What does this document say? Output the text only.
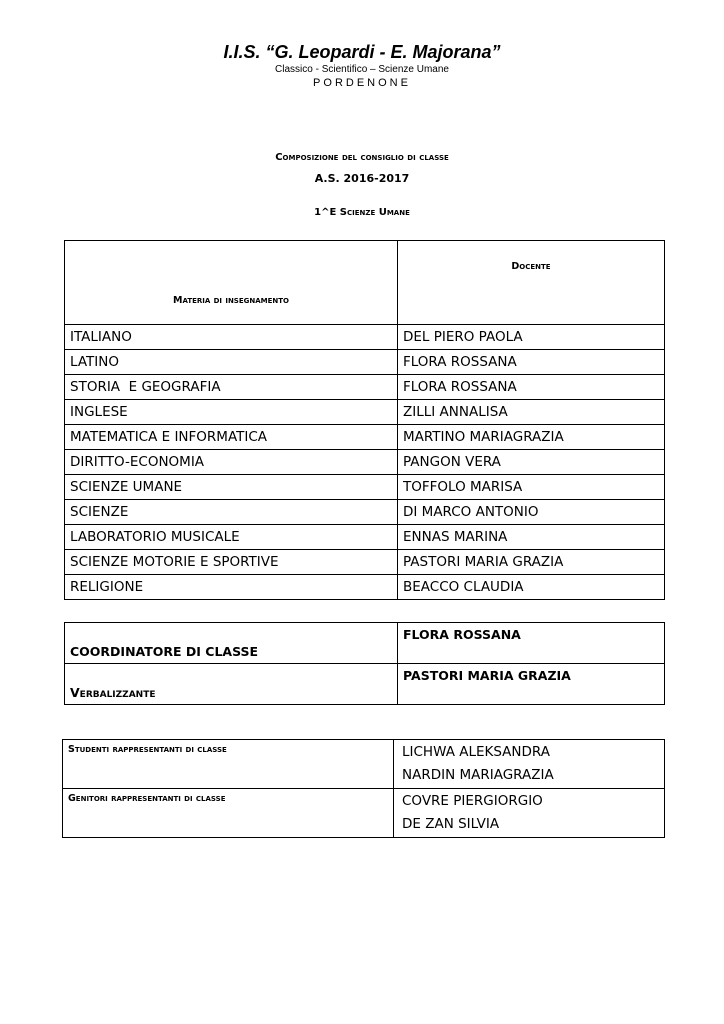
I.I.S. “G. Leopardi - E. Majorana”
Classico - Scientifico – Scienze Umane
PORDENONE
Composizione del consiglio di classe
A.S. 2016-2017
1^E Scienze Umane
Materia di insegnamento	Docente
ITALIANO	DEL PIERO PAOLA
LATINO	FLORA ROSSANA
STORIA  E GEOGRAFIA	FLORA ROSSANA
INGLESE	ZILLI ANNALISA
MATEMATICA E INFORMATICA	MARTINO MARIAGRAZIA
DIRITTO-ECONOMIA	PANGON VERA
SCIENZE UMANE	TOFFOLO MARISA
SCIENZE	DI MARCO ANTONIO
LABORATORIO MUSICALE	ENNAS MARINA
SCIENZE MOTORIE E SPORTIVE	PASTORI MARIA GRAZIA
RELIGIONE	BEACCO CLAUDIA
COORDINATORE DI CLASSE	FLORA ROSSANA
Verbalizzante	PASTORI MARIA GRAZIA
Studenti rappresentanti di classe	LICHWA ALEKSANDRA
NARDIN MARIAGRAZIA

Genitori rappresentanti di classe	COVRE PIERGIORGIO
DE ZAN SILVIA
